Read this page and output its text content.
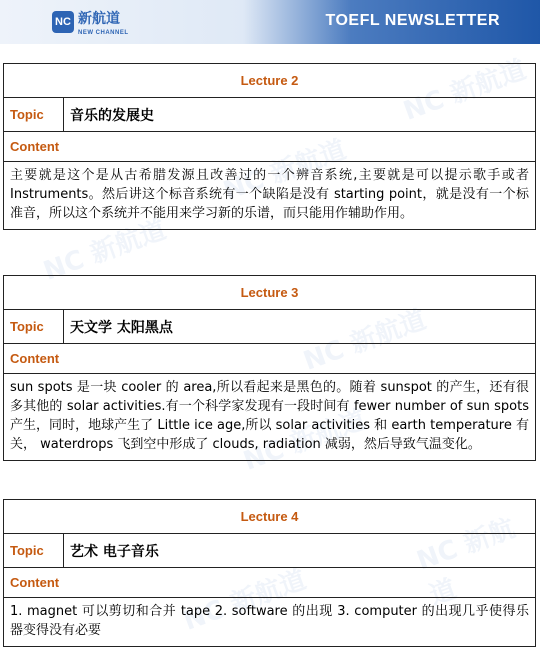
NC 新航道
NEW CHANNEL
TOEFL NEWSLETTER
NC 新航道
NC 新航道
NC 新航道
NC 新航道
NC 新航道
NC 新航道
NC 新航道
Lecture 2
Topic	音乐的发展史
Content
主要就是这个是从古希腊发源且改善过的一个辨音系统,主要就是可以提示歌手或者 Instruments。然后讲这个标音系统有一个缺陷是没有 starting point，就是没有一个标准音，所以这个系统并不能用来学习新的乐谱，而只能用作辅助作用。
Lecture 3
Topic	天文学 太阳黑点
Content
sun spots 是一块 cooler 的 area,所以看起来是黑色的。随着 sunspot 的产生，还有很多其他的 solar activities.有一个科学家发现有一段时间有 fewer number of sun spots 产生，同时，地球产生了 Little ice age,所以 solar activities 和 earth temperature 有关， waterdrops 飞到空中形成了 clouds, radiation 减弱，然后导致气温变化。
Lecture 4
Topic	艺术 电子音乐
Content
1. magnet 可以剪切和合并 tape 2. software 的出现 3. computer 的出现几乎使得乐器变得没有必要
